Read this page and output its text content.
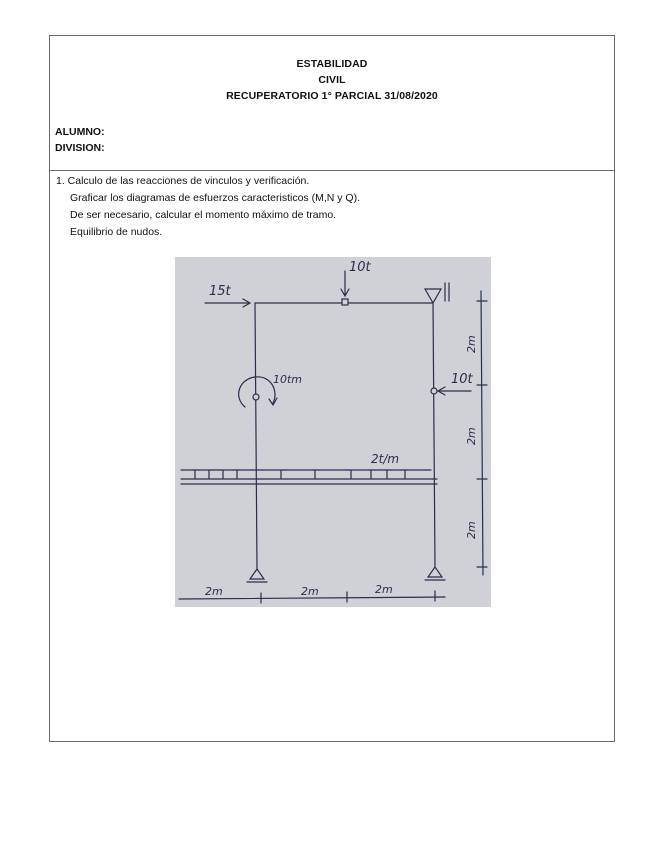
ESTABILIDAD
CIVIL
RECUPERATORIO 1° PARCIAL 31/08/2020
ALUMNO:
DIVISION:
1. Calculo de las reacciones de vinculos y verificación.
Graficar los diagramas de esfuerzos caracteristicos (M,N y Q).
De ser necesario, calcular el momento máximo de tramo.
Equilibrio de nudos.
10t
15t
10tm	10t
2t/m
2m	2m	2m
2m
2m
2m
